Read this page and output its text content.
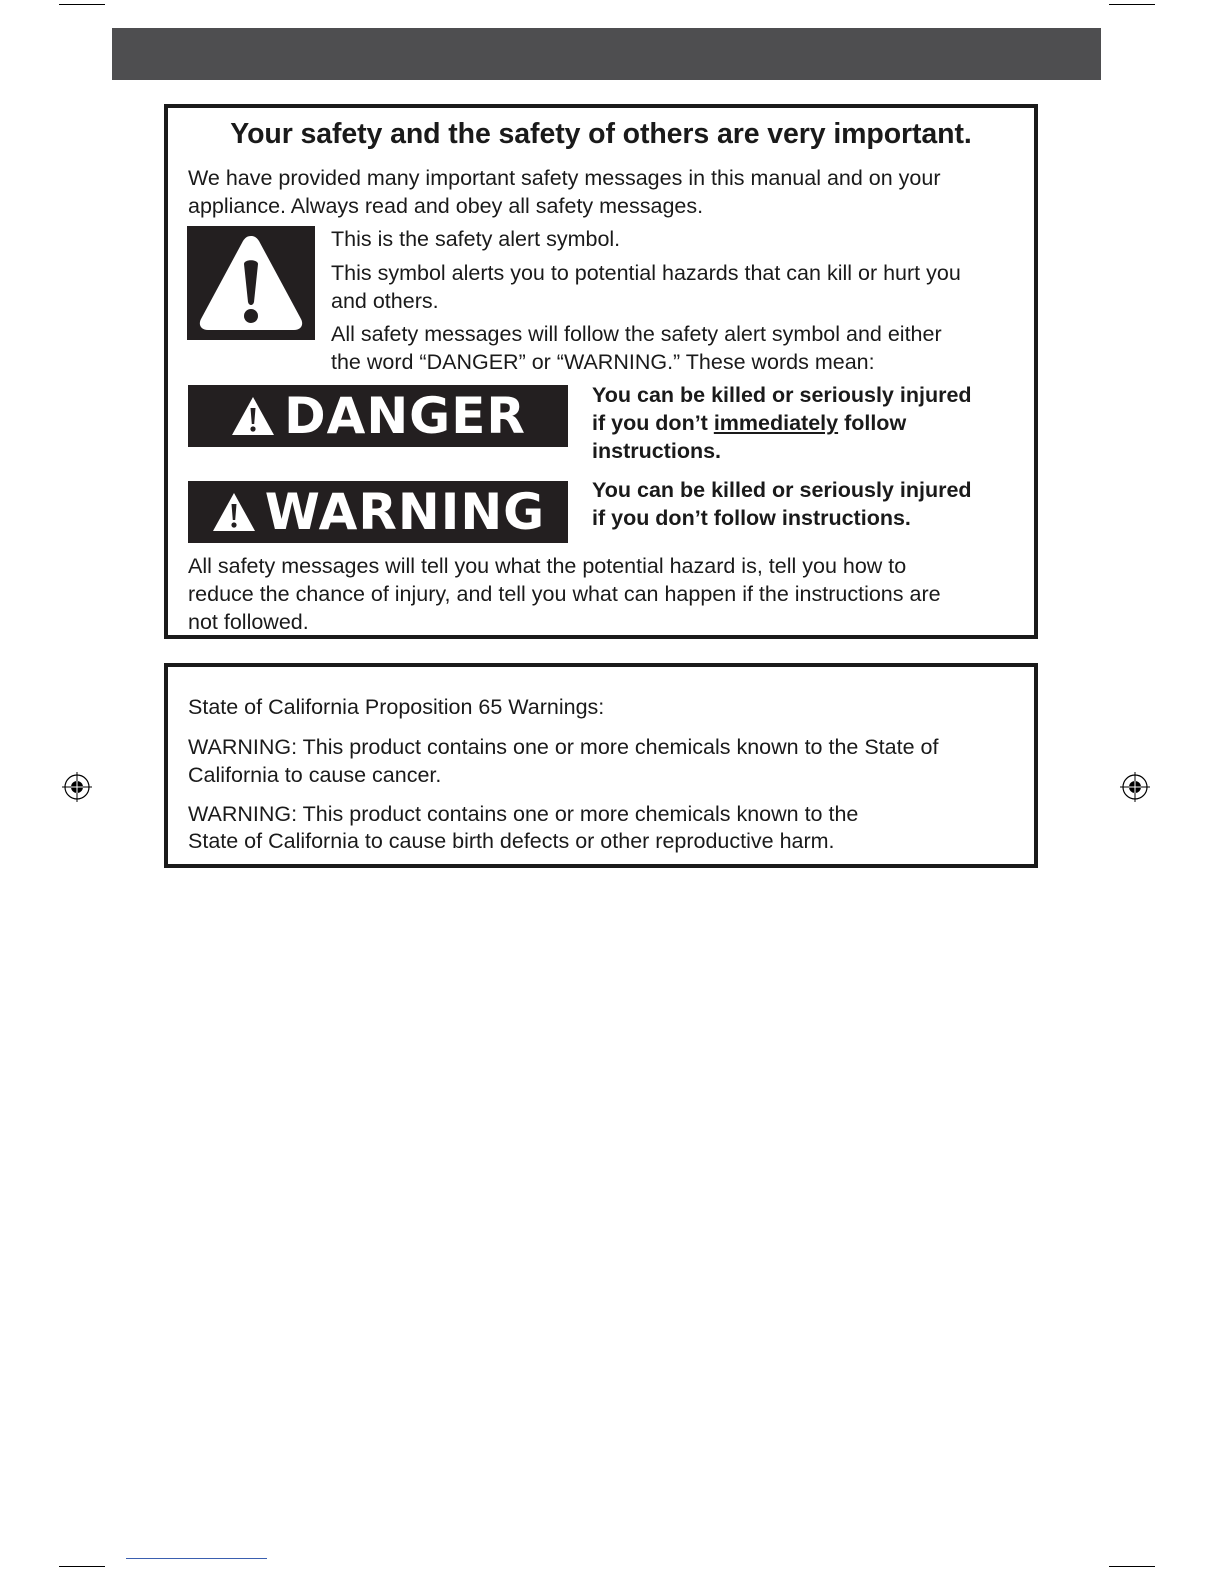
Your safety and the safety of others are very important.

We have provided many important safety messages in this manual and on your

appliance. Always read and obey all safety messages.

This is the safety alert symbol.

This symbol alerts you to potential hazards that can kill or hurt you

and others.

All safety messages will follow the safety alert symbol and either

the word “DANGER” or “WARNING.” These words mean:

DANGER	You can be killed or seriously injured

if you don’t immediately follow

instructions.

WARNING You can be killed or seriously injured

if you don’t follow instructions.

All safety messages will tell you what the potential hazard is, tell you how to

reduce the chance of injury, and tell you what can happen if the instructions are

not followed.

State of California Proposition 65 Warnings:

WARNING: This product contains one or more chemicals known to the State of

California to cause cancer.

WARNING: This product contains one or more chemicals known to the

State of California to cause birth defects or other reproductive harm.
